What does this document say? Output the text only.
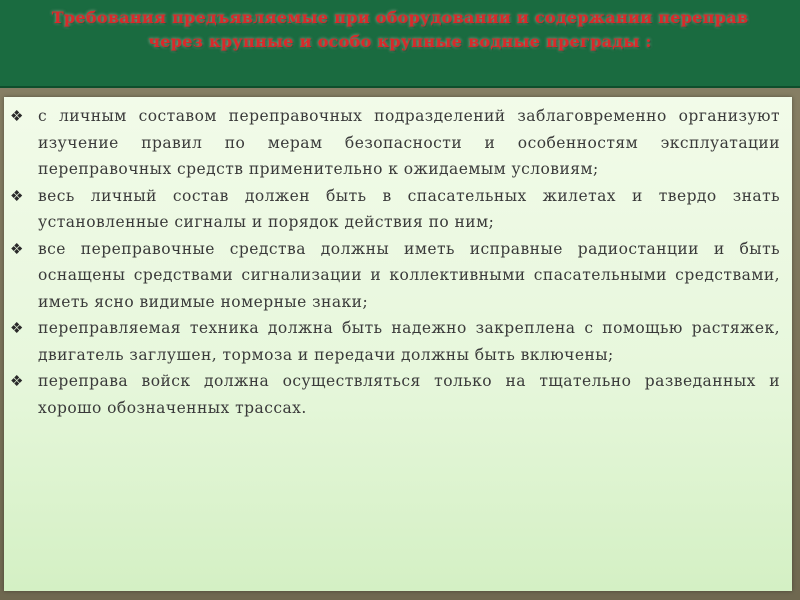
Требования предъявляемые при оборудовании и содержании переправ через крупные и особо крупные водные преграды :

❖ с личным составом переправочных подразделений заблаговременно организуют изучение правил по мерам безопасности и особенностям эксплуатации переправочных средств применительно к ожидаемым условиям;
❖ весь личный состав должен быть в спасательных жилетах и твердо знать установленные сигналы и порядок действия по ним;
❖ все переправочные средства должны иметь исправные радиостанции и быть оснащены средствами сигнализации и коллективными спасательными средствами, иметь ясно видимые номерные знаки;
❖ переправляемая техника должна быть надежно закреплена с помощью растяжек, двигатель заглушен, тормоза и передачи должны быть включены;
❖ переправа войск должна осуществляться только на тщательно разведанных и хорошо обозначенных трассах.
